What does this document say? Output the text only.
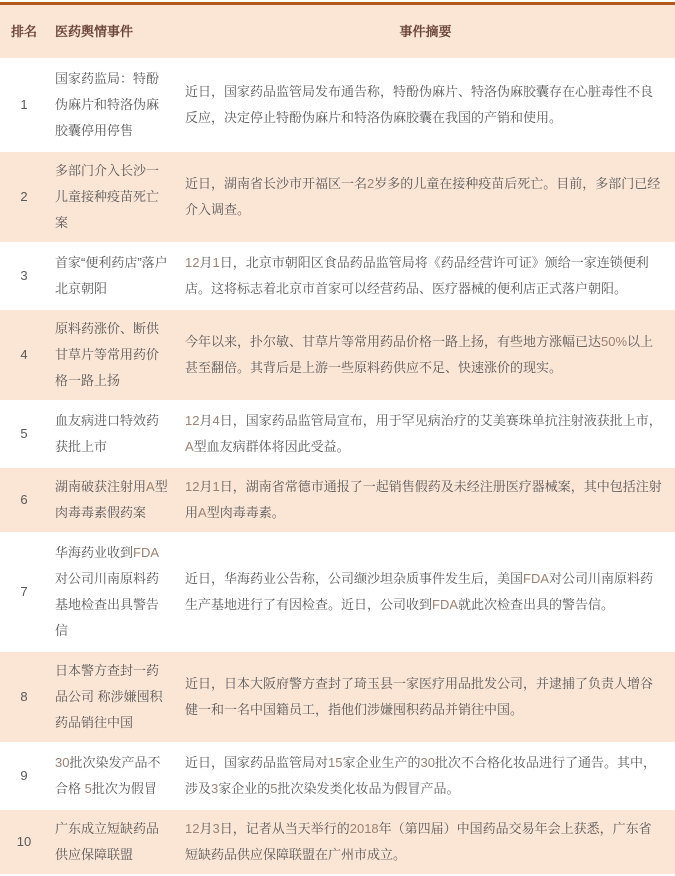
排名	医药舆情事件	事件摘要
1	国家药监局：特酚伪麻片和特洛伪麻胶囊停用停售	近日，国家药品监管局发布通告称，特酚伪麻片、特洛伪麻胶囊存在心脏毒性不良反应，决定停止特酚伪麻片和特洛伪麻胶囊在我国的产销和使用。
2	多部门介入长沙一儿童接种疫苗死亡案	近日，湖南省长沙市开福区一名2岁多的儿童在接种疫苗后死亡。目前，多部门已经介入调查。
3	首家“便利药店”落户北京朝阳	12月1日，北京市朝阳区食品药品监管局将《药品经营许可证》颁给一家连锁便利店。这将标志着北京市首家可以经营药品、医疗器械的便利店正式落户朝阳。
4	原料药涨价、断供 甘草片等常用药价格一路上扬	今年以来，扑尔敏、甘草片等常用药品价格一路上扬，有些地方涨幅已达50%以上甚至翻倍。其背后是上游一些原料药供应不足、快速涨价的现实。
5	血友病进口特效药获批上市	12月4日，国家药品监管局宣布，用于罕见病治疗的艾美赛珠单抗注射液获批上市，A型血友病群体将因此受益。
6	湖南破获注射用A型肉毒毒素假药案	12月1日，湖南省常德市通报了一起销售假药及未经注册医疗器械案，其中包括注射用A型肉毒毒素。
7	华海药业收到FDA对公司川南原料药基地检查出具警告信	近日，华海药业公告称，公司缬沙坦杂质事件发生后，美国FDA对公司川南原料药生产基地进行了有因检查。近日，公司收到FDA就此次检查出具的警告信。
8	日本警方查封一药品公司 称涉嫌囤积药品销往中国	近日，日本大阪府警方查封了琦玉县一家医疗用品批发公司，并逮捕了负责人增谷健一和一名中国籍员工，指他们涉嫌囤积药品并销往中国。
9	30批次染发产品不合格 5批次为假冒	近日，国家药品监管局对15家企业生产的30批次不合格化妆品进行了通告。其中，涉及3家企业的5批次染发类化妆品为假冒产品。
10	广东成立短缺药品供应保障联盟	12月3日，记者从当天举行的2018年（第四届）中国药品交易年会上获悉，广东省短缺药品供应保障联盟在广州市成立。
